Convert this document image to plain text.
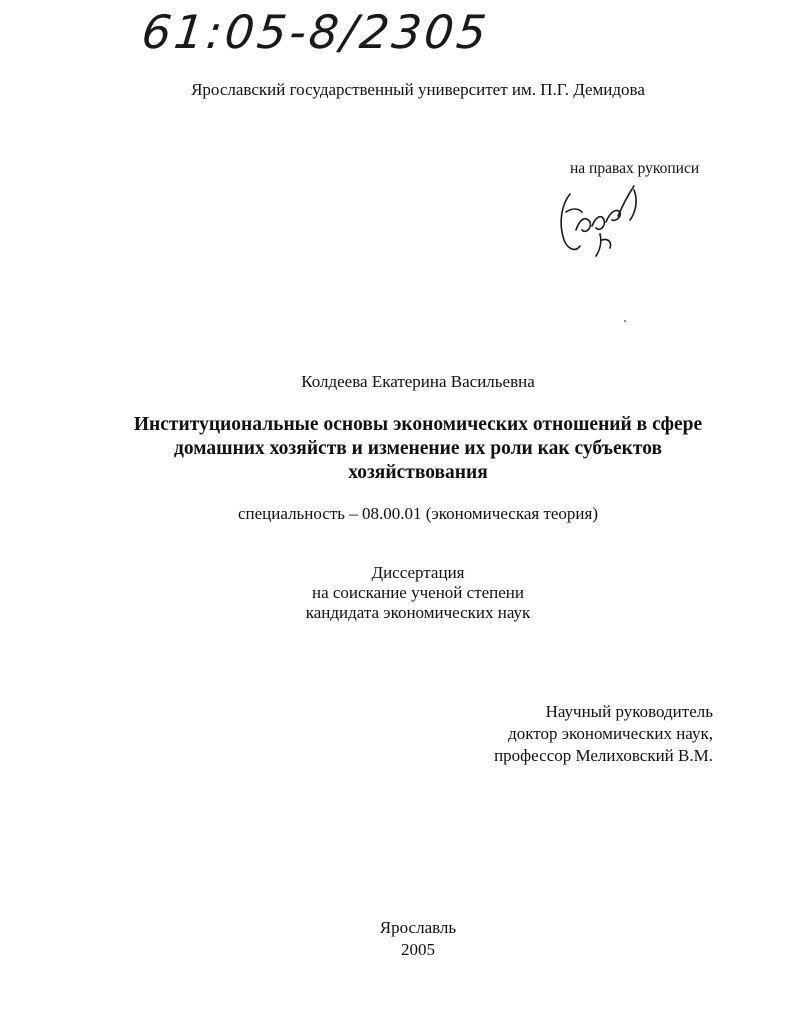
61:05-8/2305
Ярославский государственный университет им. П.Г. Демидова
на правах рукописи
Колдеева Екатерина Васильевна
Институциональные основы экономических отношений в сфере
домашних хозяйств и изменение их роли как субъектов
хозяйствования
специальность – 08.00.01 (экономическая теория)
Диссертация
на соискание ученой степени
кандидата экономических наук
Научный руководитель
доктор экономических наук,
профессор Мелиховский В.М.
Ярославль
2005
